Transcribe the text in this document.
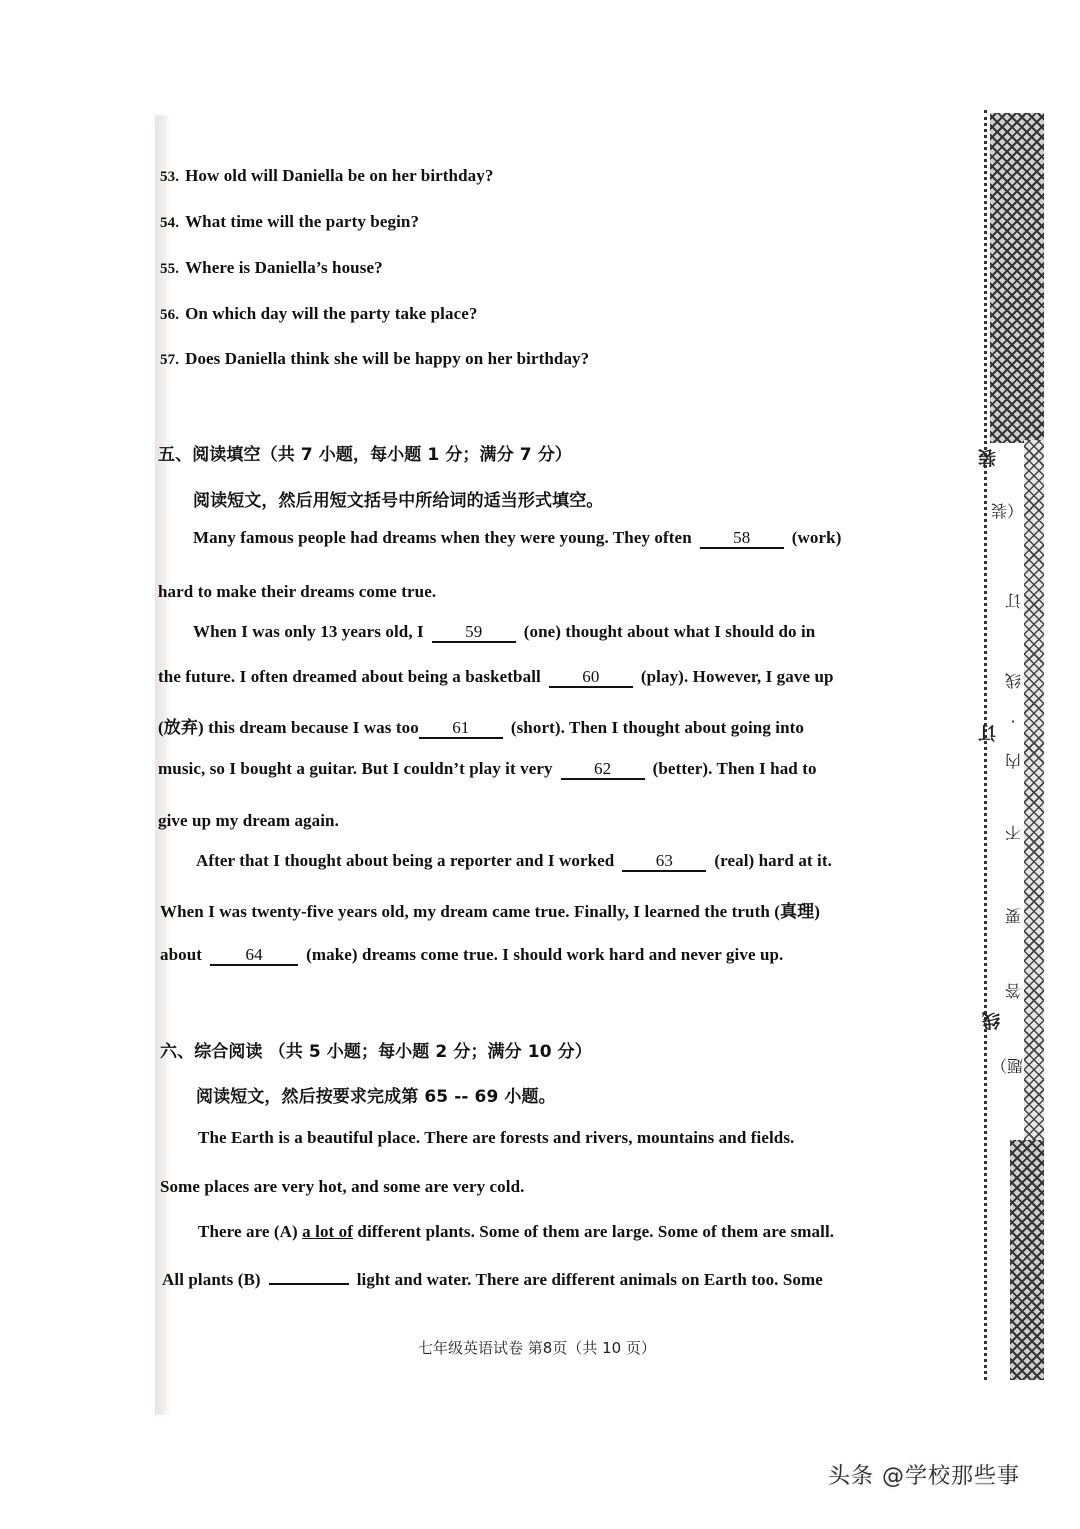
53. How old will Daniella be on her birthday?
54. What time will the party begin?
55. Where is Daniella’s house?
56. On which day will the party take place?
57. Does Daniella think she will be happy on her birthday?
五、阅读填空（共 7 小题，每小题 1 分；满分 7 分）
阅读短文，然后用短文括号中所给词的适当形式填空。
Many famous people had dreams when they were young. They often 58 (work)
hard to make their dreams come true.
When I was only 13 years old, I 59 (one) thought about what I should do in
the future. I often dreamed about being a basketball 60 (play). However, I gave up
(放弃) this dream because I was too 61 (short). Then I thought about going into
music, so I bought a guitar. But I couldn’t play it very 62 (better). Then I had to
give up my dream again.
After that I thought about being a reporter and I worked 63 (real) hard at it.
When I was twenty-five years old, my dream came true. Finally, I learned the truth (真理)
about	64	(make) dreams come true. I should work hard and never give up.
六、综合阅读 （共 5 小题；每小题 2 分；满分 10 分）
阅读短文，然后按要求完成第 65 -- 69 小题。
The Earth is a beautiful place. There are forests and rivers, mountains and fields.
Some places are very hot, and some are very cold.
There are (A) a lot of different plants. Some of them are large. Some of them are small.
All plants (B)	light and water. There are different animals on Earth too. Some
七年级英语试卷 第8页（共 10 页）
装
订
线
（装
订
线
·
内
不
要
答
题）
头条 @学校那些事
